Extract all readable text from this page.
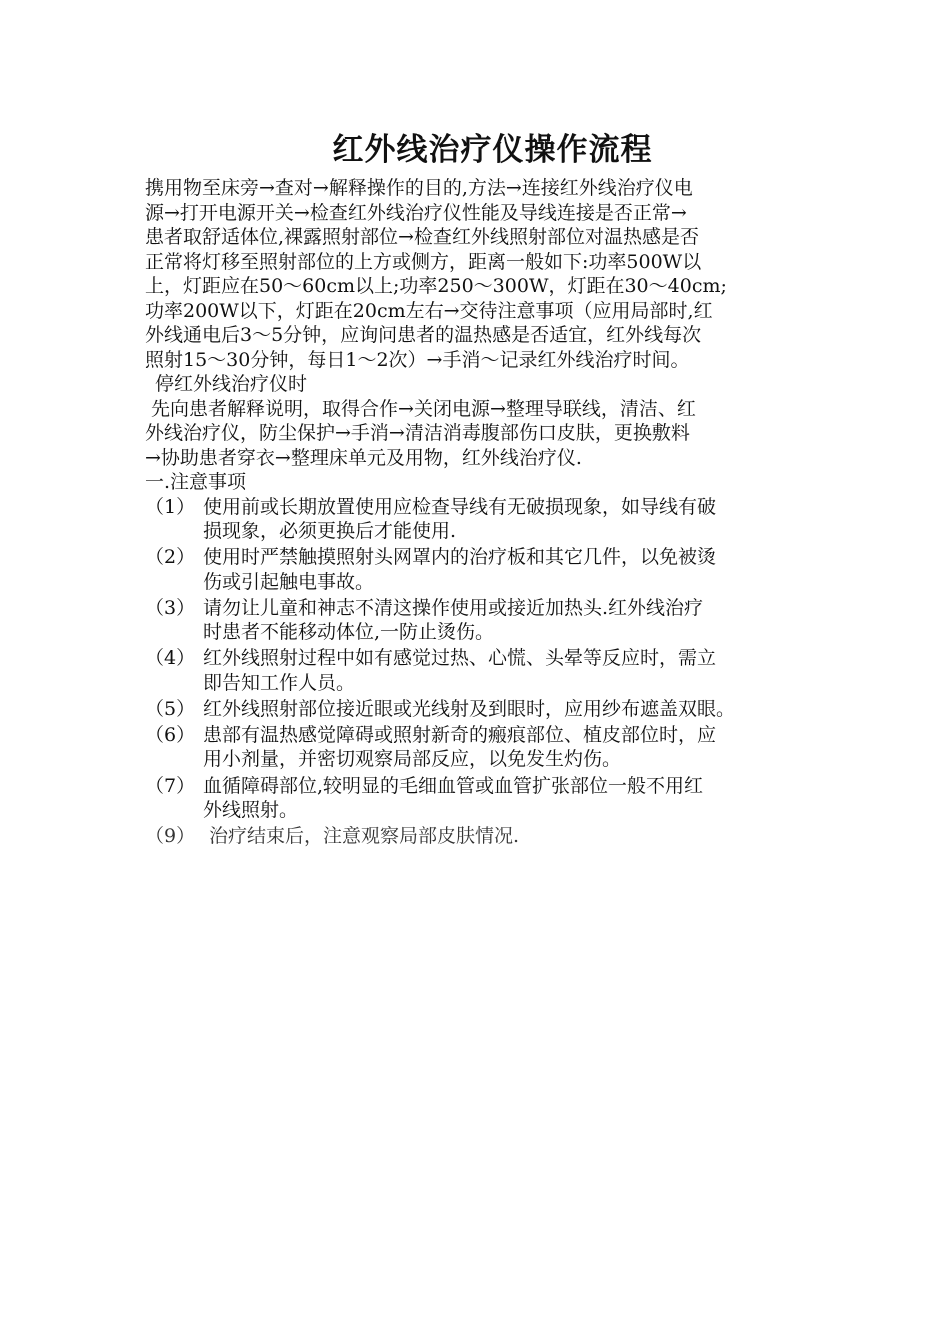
红外线治疗仪操作流程
携用物至床旁→查对→解释操作的目的,方法→连接红外线治疗仪电
源→打开电源开关→检查红外线治疗仪性能及导线连接是否正常→
患者取舒适体位,裸露照射部位→检查红外线照射部位对温热感是否
正常将灯移至照射部位的上方或侧方，距离一般如下:功率500W以
上，灯距应在50～60cm以上;功率250～300W，灯距在30～40cm;
功率200W以下，灯距在20cm左右→交待注意事项（应用局部时,红
外线通电后3～5分钟，应询问患者的温热感是否适宜，红外线每次
照射15～30分钟，每日1～2次）→手消～记录红外线治疗时间。
停红外线治疗仪时
先向患者解释说明，取得合作→关闭电源→整理导联线，清洁、红
外线治疗仪，防尘保护→手消→清洁消毒腹部伤口皮肤，更换敷料
→协助患者穿衣→整理床单元及用物，红外线治疗仪.
一.注意事项
（1） 使用前或长期放置使用应检查导线有无破损现象，如导线有破
损现象，必须更换后才能使用.
（2） 使用时严禁触摸照射头网罩内的治疗板和其它几件，以免被烫
伤或引起触电事故。
（3） 请勿让儿童和神志不清这操作使用或接近加热头.红外线治疗
时患者不能移动体位,一防止烫伤。
（4） 红外线照射过程中如有感觉过热、心慌、头晕等反应时，需立
即告知工作人员。
（5） 红外线照射部位接近眼或光线射及到眼时，应用纱布遮盖双眼。
（6） 患部有温热感觉障碍或照射新奇的瘢痕部位、植皮部位时，应
用小剂量，并密切观察局部反应，以免发生灼伤。
（7） 血循障碍部位,较明显的毛细血管或血管扩张部位一般不用红
外线照射。
（9） 治疗结束后，注意观察局部皮肤情况.
